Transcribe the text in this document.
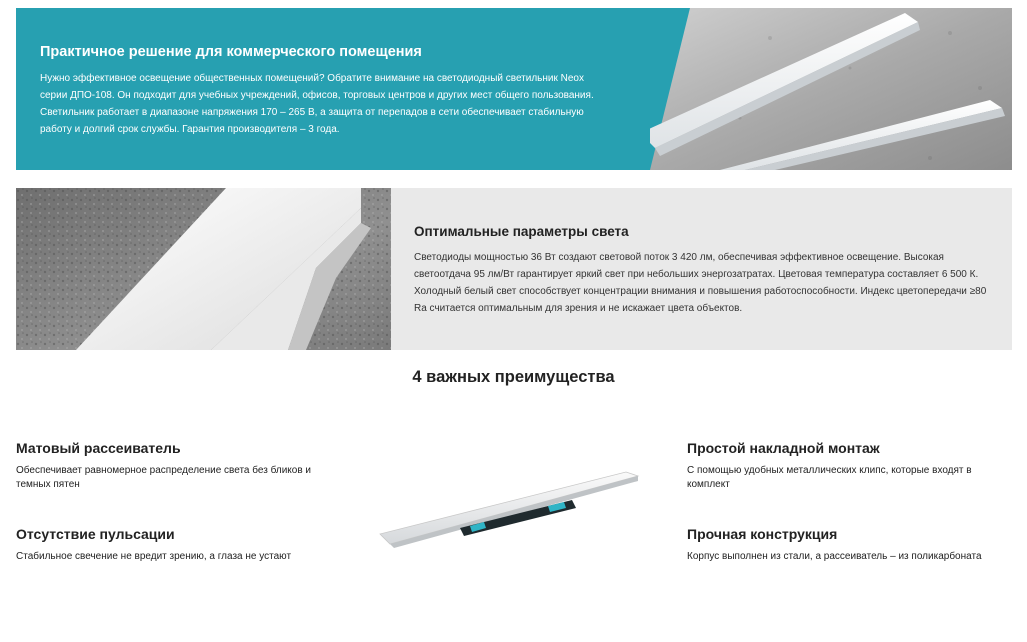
Практичное решение для коммерческого помещения

Нужно эффективное освещение общественных помещений? Обратите внимание на светодиодный светильник Neox серии ДПО-108. Он подходит для учебных учреждений, офисов, торговых центров и других мест общего пользования. Светильник работает в диапазоне напряжения 170 – 265 В, а защита от перепадов в сети обеспечивает стабильную работу и долгий срок службы. Гарантия производителя – 3 года.

Оптимальные параметры света

Светодиоды мощностью 36 Вт создают световой поток 3 420 лм, обеспечивая эффективное освещение. Высокая светоотдача 95 лм/Вт гарантирует яркий свет при небольших энергозатратах. Цветовая температура составляет 6 500 К. Холодный белый свет способствует концентрации внимания и повышения работоспособности. Индекс цветопередачи ≥80 Ra считается оптимальным для зрения и не искажает цвета объектов.

4 важных преимущества
Матовый рассеиватель

Обеспечивает равномерное распределение света без бликов и темных пятен

Отсутствие пульсации

Стабильное свечение не вредит зрению, а глаза не устают

Простой накладной монтаж

С помощью удобных металлических клипс, которые входят в комплект

Прочная конструкция

Корпус выполнен из стали, а рассеиватель – из поликарбоната
